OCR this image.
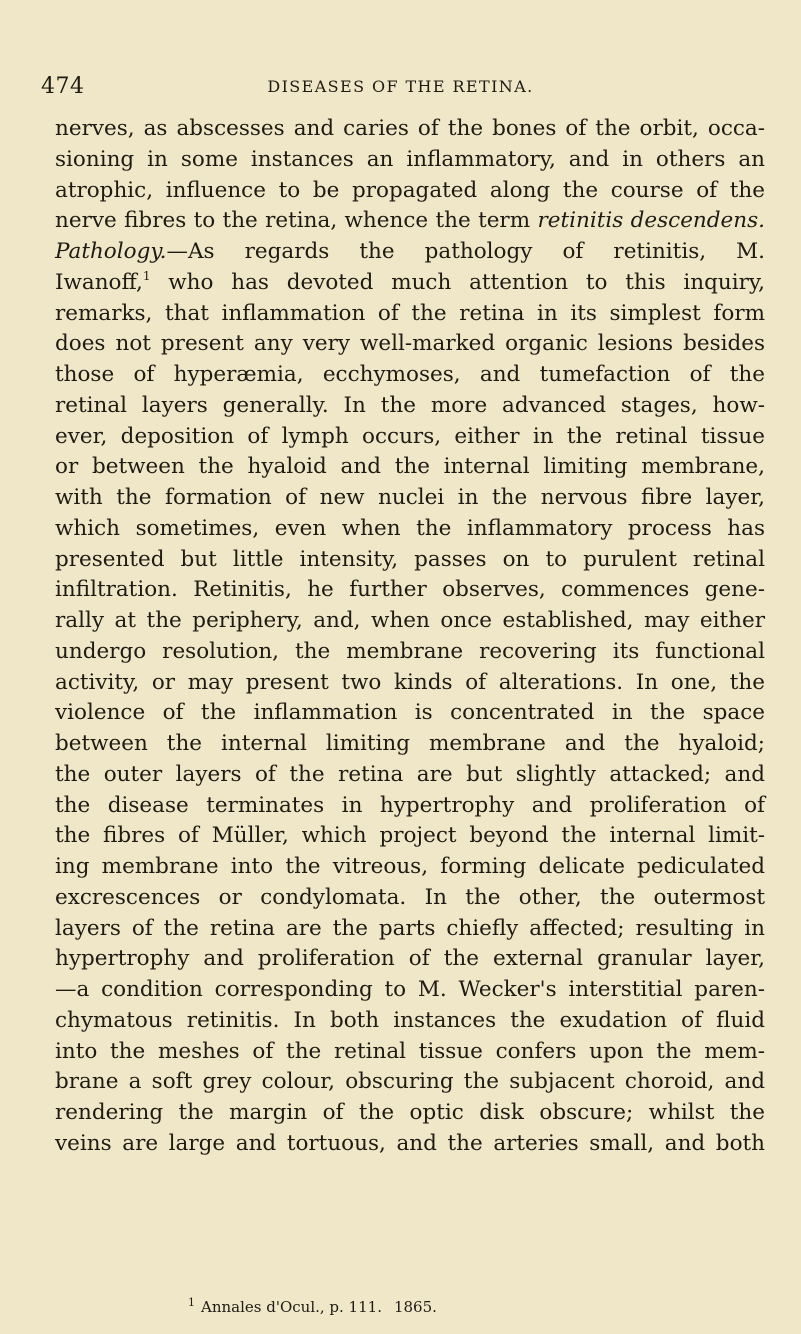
474	DISEASES OF THE RETINA.
nerves, as abscesses and caries of the bones of the orbit, occa-
sioning in some instances an inflammatory, and in others an
atrophic, influence to be propagated along the course of the
nerve fibres to the retina, whence the term retinitis descendens.
Pathology.—As regards the pathology of retinitis, M.
Iwanoff,$^1$ who has devoted much attention to this inquiry,
remarks, that inflammation of the retina in its simplest form
does not present any very well-marked organic lesions besides
those of hyperæmia, ecchymoses, and tumefaction of the
retinal layers generally. In the more advanced stages, how-
ever, deposition of lymph occurs, either in the retinal tissue
or between the hyaloid and the internal limiting membrane,
with the formation of new nuclei in the nervous fibre layer,
which sometimes, even when the inflammatory process has
presented but little intensity, passes on to purulent retinal
infiltration. Retinitis, he further observes, commences gene-
rally at the periphery, and, when once established, may either
undergo resolution, the membrane recovering its functional
activity, or may present two kinds of alterations. In one, the
violence of the inflammation is concentrated in the space
between the internal limiting membrane and the hyaloid;
the outer layers of the retina are but slightly attacked; and
the disease terminates in hypertrophy and proliferation of
the fibres of Müller, which project beyond the internal limit-
ing membrane into the vitreous, forming delicate pediculated
excrescences or condylomata. In the other, the outermost
layers of the retina are the parts chiefly affected; resulting in
hypertrophy and proliferation of the external granular layer,
—a condition corresponding to M. Wecker's interstitial paren-
chymatous retinitis. In both instances the exudation of fluid
into the meshes of the retinal tissue confers upon the mem-
brane a soft grey colour, obscuring the subjacent choroid, and
rendering the margin of the optic disk obscure; whilst the
veins are large and tortuous, and the arteries small, and both
$^1$ Annales d'Ocul., p. 111. 1865.
